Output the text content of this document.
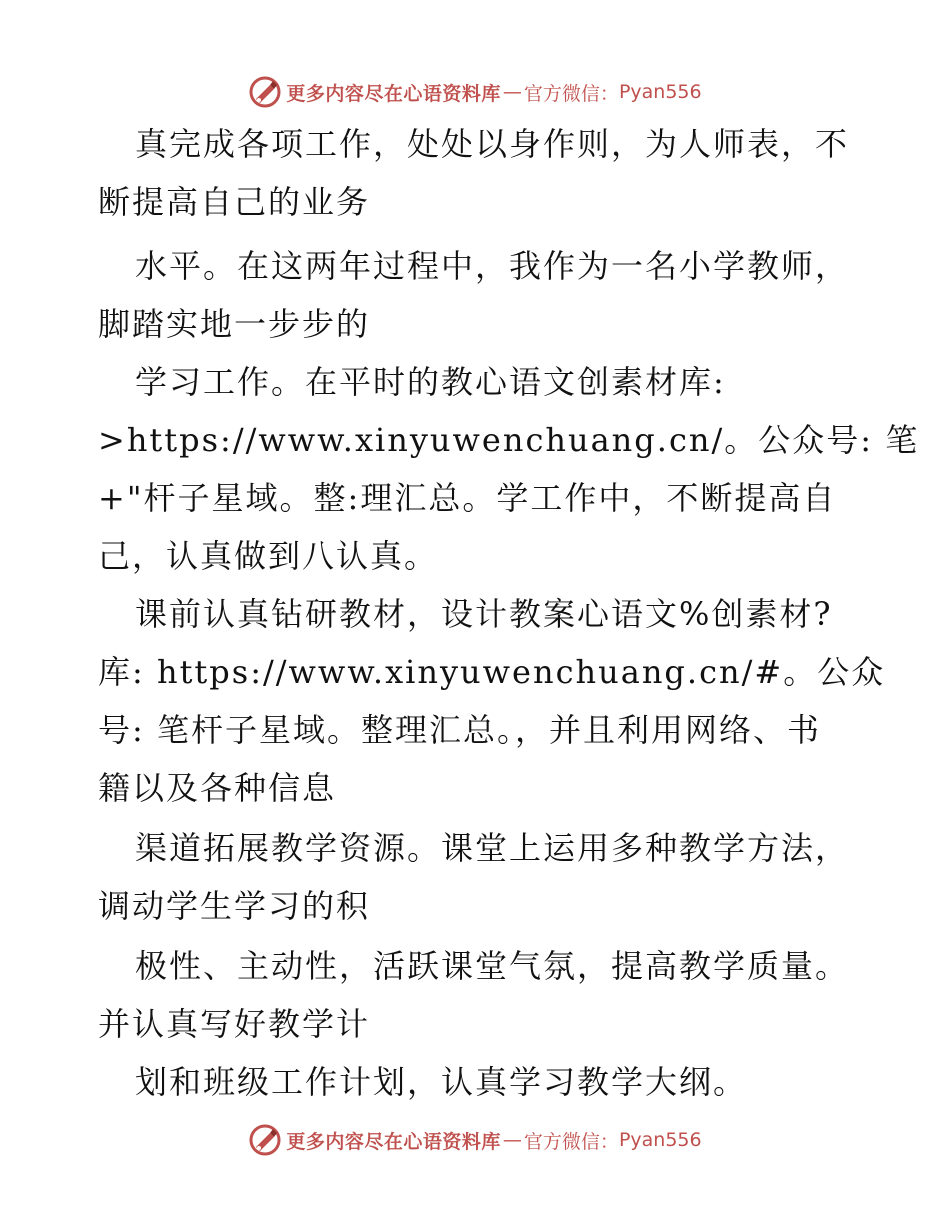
更多内容尽在心语资料库 — 官方微信： Pyan556
真完成各项工作，处处以身作则，为人师表，不
断提高自己的业务
水平。在这两年过程中，我作为一名小学教师，
脚踏实地一步步的
学习工作。在平时的教心语文创素材库:
>https://www.xinyuwenchuang.cn/。公众号: 笔
+"杆子星域。整:理汇总。学工作中，不断提高自
己，认真做到八认真。
课前认真钻研教材，设计教案心语文%创素材?
库: https://www.xinyuwenchuang.cn/#。公众
号: 笔杆子星域。整理汇总。，并且利用网络、书
籍以及各种信息
渠道拓展教学资源。课堂上运用多种教学方法，
调动学生学习的积
极性、主动性，活跃课堂气氛，提高教学质量。
并认真写好教学计
划和班级工作计划，认真学习教学大纲。
更多内容尽在心语资料库 — 官方微信： Pyan556
